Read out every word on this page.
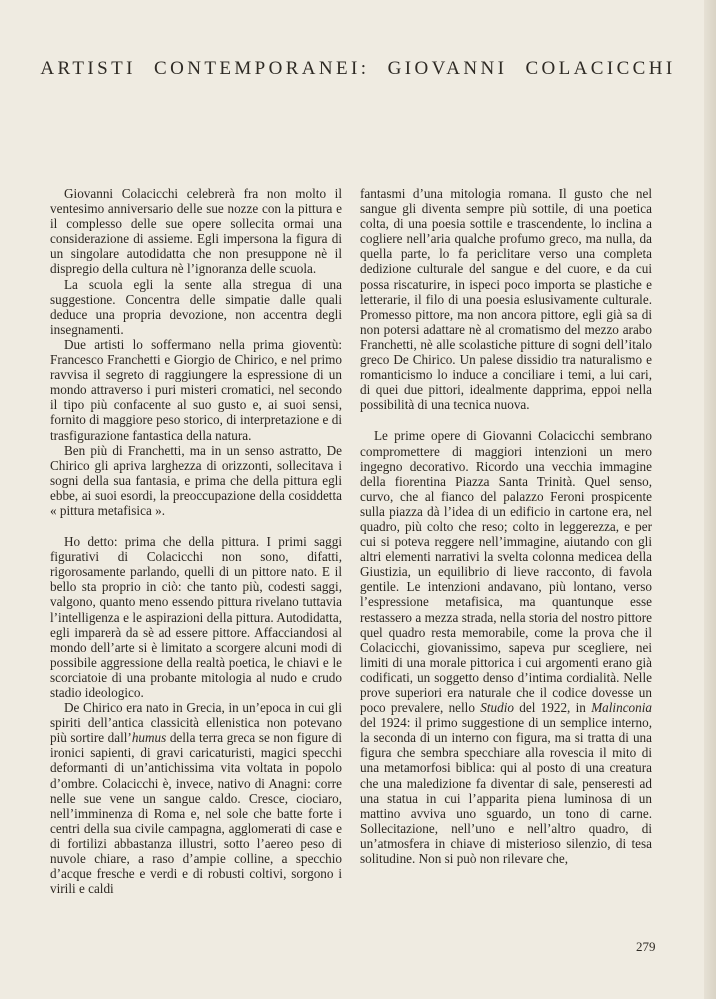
ARTISTI CONTEMPORANEI: GIOVANNI COLACICCHI

Giovanni Colacicchi celebrerà fra non molto il ventesimo anniversario delle sue nozze con la pittura e il complesso delle sue opere sollecita ormai una considerazione di assieme. Egli impersona la figura di un singolare autodidatta che non presuppone nè il dispregio della cultura nè l’ignoranza delle scuola.

La scuola egli la sente alla stregua di una suggestione. Concentra delle simpatie dalle quali deduce una propria devozione, non accentra degli insegnamenti.

Due artisti lo soffermano nella prima gioventù: Francesco Franchetti e Giorgio de Chirico, e nel primo ravvisa il segreto di raggiungere la espressione di un mondo attraverso i puri misteri cromatici, nel secondo il tipo più confacente al suo gusto e, ai suoi sensi, fornito di maggiore peso storico, di interpretazione e di trasfigurazione fantastica della natura.

Ben più di Franchetti, ma in un senso astratto, De Chirico gli apriva larghezza di orizzonti, sollecitava i sogni della sua fantasia, e prima che della pittura egli ebbe, ai suoi esordi, la preoccupazione della cosiddetta « pittura metafisica ».

Ho detto: prima che della pittura. I primi saggi figurativi di Colacicchi non sono, difatti, rigorosamente parlando, quelli di un pittore nato. E il bello sta proprio in ciò: che tanto più, codesti saggi, valgono, quanto meno essendo pittura rivelano tuttavia l’intelligenza e le aspirazioni della pittura. Autodidatta, egli imparerà da sè ad essere pittore. Affacciandosi al mondo dell’arte si è limitato a scorgere alcuni modi di possibile aggressione della realtà poetica, le chiavi e le scorciatoie di una probante mitologia al nudo e crudo stadio ideologico.

De Chirico era nato in Grecia, in un’epoca in cui gli spiriti dell’antica classicità ellenistica non potevano più sortire dall’humus della terra greca se non figure di ironici sapienti, di gravi caricaturisti, magici specchi deformanti di un’antichissima vita voltata in popolo d’ombre. Colacicchi è, invece, nativo di Anagni: corre nelle sue vene un sangue caldo. Cresce, ciociaro, nell’imminenza di Roma e, nel sole che batte forte i centri della sua civile campagna, agglomerati di case e di fortilizi abbastanza illustri, sotto l’aereo peso di nuvole chiare, a raso d’ampie colline, a specchio d’acque fresche e verdi e di robusti coltivi, sorgono i virili e caldi

fantasmi d’una mitologia romana. Il gusto che nel sangue gli diventa sempre più sottile, di una poetica colta, di una poesia sottile e trascendente, lo inclina a cogliere nell’aria qualche profumo greco, ma nulla, da quella parte, lo fa periclitare verso una completa dedizione culturale del sangue e del cuore, e da cui possa riscaturire, in ispeci poco importa se plastiche e letterarie, il filo di una poesia eslusivamente culturale. Promesso pittore, ma non ancora pittore, egli già sa di non potersi adattare nè al cromatismo del mezzo arabo Franchetti, nè alle scolastiche pitture di sogni dell’italo greco De Chirico. Un palese dissidio tra naturalismo e romanticismo lo induce a conciliare i temi, a lui cari, di quei due pittori, idealmente dapprima, eppoi nella possibilità di una tecnica nuova.

Le prime opere di Giovanni Colacicchi sembrano compromettere di maggiori intenzioni un mero ingegno decorativo. Ricordo una vecchia immagine della fiorentina Piazza Santa Trinità. Quel senso, curvo, che al fianco del palazzo Feroni prospicente sulla piazza dà l’idea di un edificio in cartone era, nel quadro, più colto che reso; colto in leggerezza, e per cui si poteva reggere nell’immagine, aiutando con gli altri elementi narrativi la svelta colonna medicea della Giustizia, un equilibrio di lieve racconto, di favola gentile. Le intenzioni andavano, più lontano, verso l’espressione metafisica, ma quantunque esse restassero a mezza strada, nella storia del nostro pittore quel quadro resta memorabile, come la prova che il Colacicchi, giovanissimo, sapeva pur scegliere, nei limiti di una morale pittorica i cui argomenti erano già codificati, un soggetto denso d’intima cordialità. Nelle prove superiori era naturale che il codice dovesse un poco prevalere, nello Studio del 1922, in Malinconia del 1924: il primo suggestione di un semplice interno, la seconda di un interno con figura, ma si tratta di una figura che sembra specchiare alla rovescia il mito di una metamorfosi biblica: qui al posto di una creatura che una maledizione fa diventar di sale, penseresti ad una statua in cui l’apparita piena luminosa di un mattino avviva uno sguardo, un tono di carne. Sollecitazione, nell’uno e nell’altro quadro, di un’atmosfera in chiave di misterioso silenzio, di tesa solitudine. Non si può non rilevare che,

279
